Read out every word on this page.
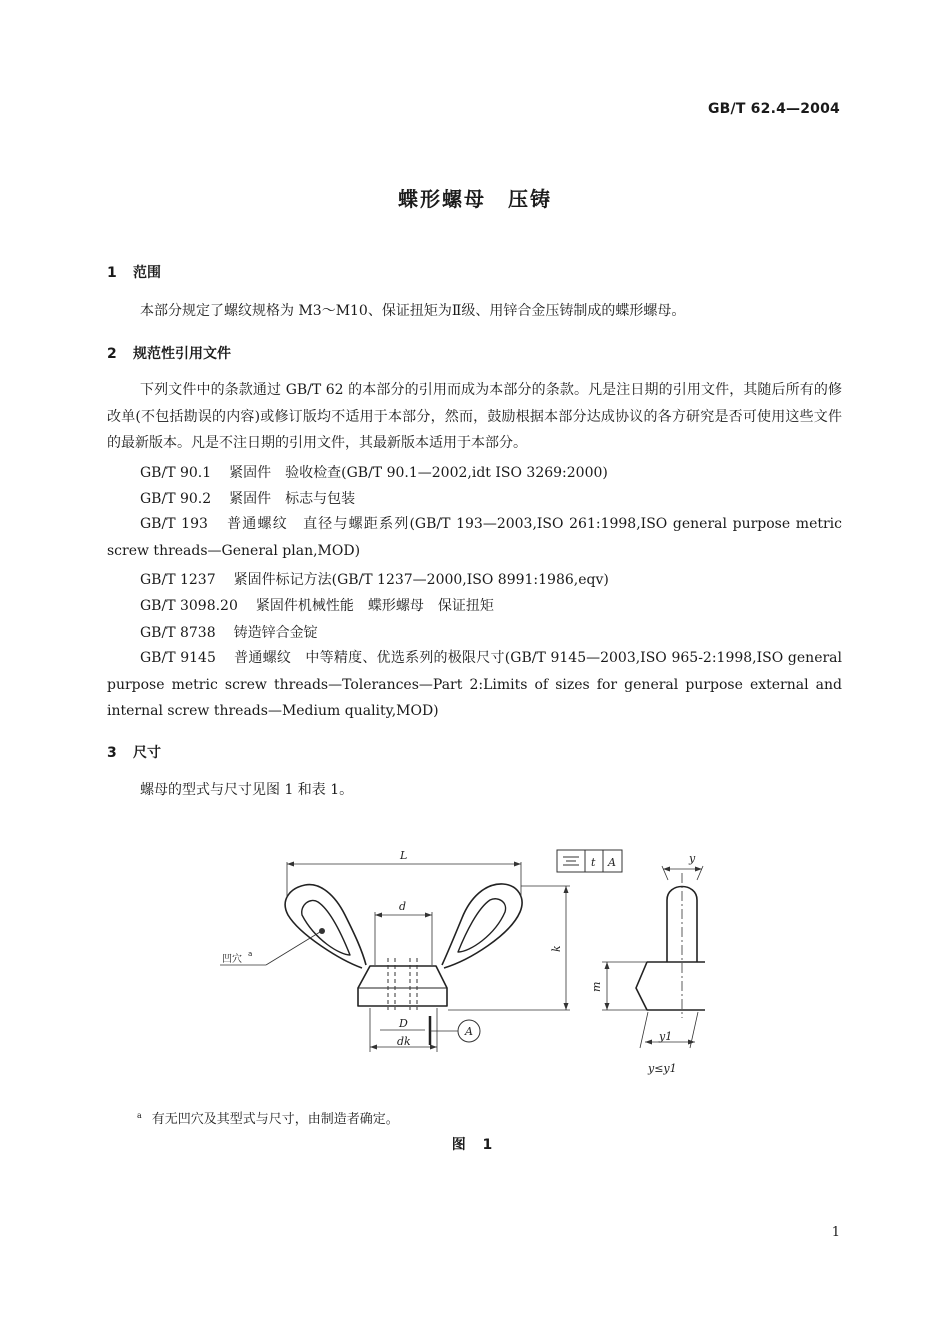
GB/T 62.4—2004
蝶形螺母　压铸
1 范围
本部分规定了螺纹规格为 M3～M10、保证扭矩为Ⅱ级、用锌合金压铸制成的蝶形螺母。
2 规范性引用文件
下列文件中的条款通过 GB/T 62 的本部分的引用而成为本部分的条款。凡是注日期的引用文件，其随后所有的修改单(不包括勘误的内容)或修订版均不适用于本部分，然而，鼓励根据本部分达成协议的各方研究是否可使用这些文件的最新版本。凡是不注日期的引用文件，其最新版本适用于本部分。
GB/T 90.1 紧固件　验收检查(GB/T 90.1—2002,idt ISO 3269:2000)
GB/T 90.2 紧固件　标志与包装
GB/T 193 普通螺纹　直径与螺距系列(GB/T 193—2003,ISO 261:1998,ISO general purpose metric screw threads—General plan,MOD)
GB/T 1237 紧固件标记方法(GB/T 1237—2000,ISO 8991:1986,eqv)
GB/T 3098.20 紧固件机械性能　蝶形螺母　保证扭矩
GB/T 8738 铸造锌合金锭
GB/T 9145 普通螺纹　中等精度、优选系列的极限尺寸(GB/T 9145—2003,ISO 965-2:1998,ISO general purpose metric screw threads—Tolerances—Part 2:Limits of sizes for general purpose external and internal screw threads—Medium quality,MOD)
3 尺寸
螺母的型式与尺寸见图 1 和表 1。
L
d
k
D
dk
A
t A	y
m
y1
y≤y1
凹穴 a
$^a$ 有无凹穴及其型式与尺寸，由制造者确定。
图 1
1
